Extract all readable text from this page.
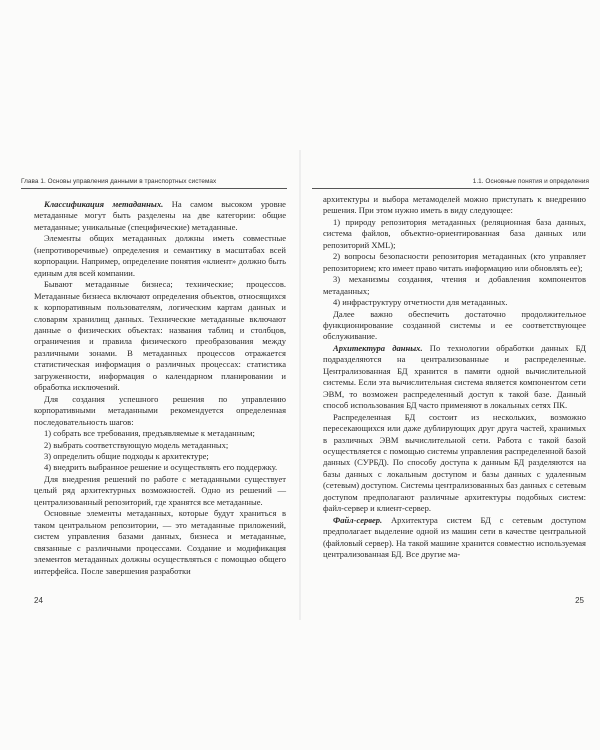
Глава 1. Основы управления данными в транспортных системах

Классификация метаданных. На самом высоком уровне метаданные могут быть разделены на две категории: общие метаданные; уникальные (специфические) метаданные.

Элементы общих метаданных должны иметь совместные (непротиворечивые) определения и семантику в масштабах всей корпорации. Например, определение понятия «клиент» должно быть единым для всей компании.

Бывают метаданные бизнеса; технические; процессов. Метаданные бизнеса включают определения объектов, относящихся к корпоративным пользователям, логическим картам данных и словарям хранилищ данных. Технические метаданные включают данные о физических объектах: названия таблиц и столбцов, ограничения и правила физического преобразования между различными зонами. В метаданных процессов отражается статистическая информация о различных процессах: статистика загруженности, информация о календарном планировании и обработка исключений.

Для создания успешного решения по управлению корпоративными метаданными рекомендуется определенная последовательность шагов:

1) собрать все требования, предъявляемые к метаданным;

2) выбрать соответствующую модель метаданных;

3) определить общие подходы к архитектуре;

4) внедрить выбранное решение и осуществлять его поддержку.

Для внедрения решений по работе с метаданными существует целый ряд архитектурных возможностей. Одно из решений — централизованный репозиторий, где хранятся все метаданные.

Основные элементы метаданных, которые будут храниться в таком центральном репозитории, — это метаданные приложений, систем управления базами данных, бизнеса и метаданные, связанные с различными процессами. Создание и модификация элементов метаданных должны осуществляться с помощью общего интерфейса. После завершения разработки

24
1.1. Основные понятия и определения

архитектуры и выбора метамоделей можно приступать к внедрению решения. При этом нужно иметь в виду следующее:

1) природу репозитория метаданных (реляционная база данных, система файлов, объектно-ориентированная база данных или репозиторий XML);

2) вопросы безопасности репозитория метаданных (кто управляет репозиторием; кто имеет право читать информацию или обновлять ее);

3) механизмы создания, чтения и добавления компонентов метаданных;

4) инфраструктуру отчетности для метаданных.

Далее важно обеспечить достаточно продолжительное функционирование созданной системы и ее соответствующее обслуживание.

Архитектура данных. По технологии обработки данных БД подразделяются на централизованные и распределенные. Централизованная БД хранится в памяти одной вычислительной системы. Если эта вычислительная система является компонентом сети ЭВМ, то возможен распределенный доступ к такой базе. Данный способ использования БД часто применяют в локальных сетях ПК.

Распределенная БД состоит из нескольких, возможно пересекающихся или даже дублирующих друг друга частей, хранимых в различных ЭВМ вычислительной сети. Работа с такой базой осуществляется с помощью системы управления распределенной базой данных (СУРБД). По способу доступа к данным БД разделяются на базы данных с локальным доступом и базы данных с удаленным (сетевым) доступом. Системы централизованных баз данных с сетевым доступом предполагают различные архитектуры подобных систем: файл-сервер и клиент-сервер.

Файл-сервер. Архитектура систем БД с сетевым доступом предполагает выделение одной из машин сети в качестве центральной (файловый сервер). На такой машине хранится совместно используемая централизованная БД. Все другие ма-

25
